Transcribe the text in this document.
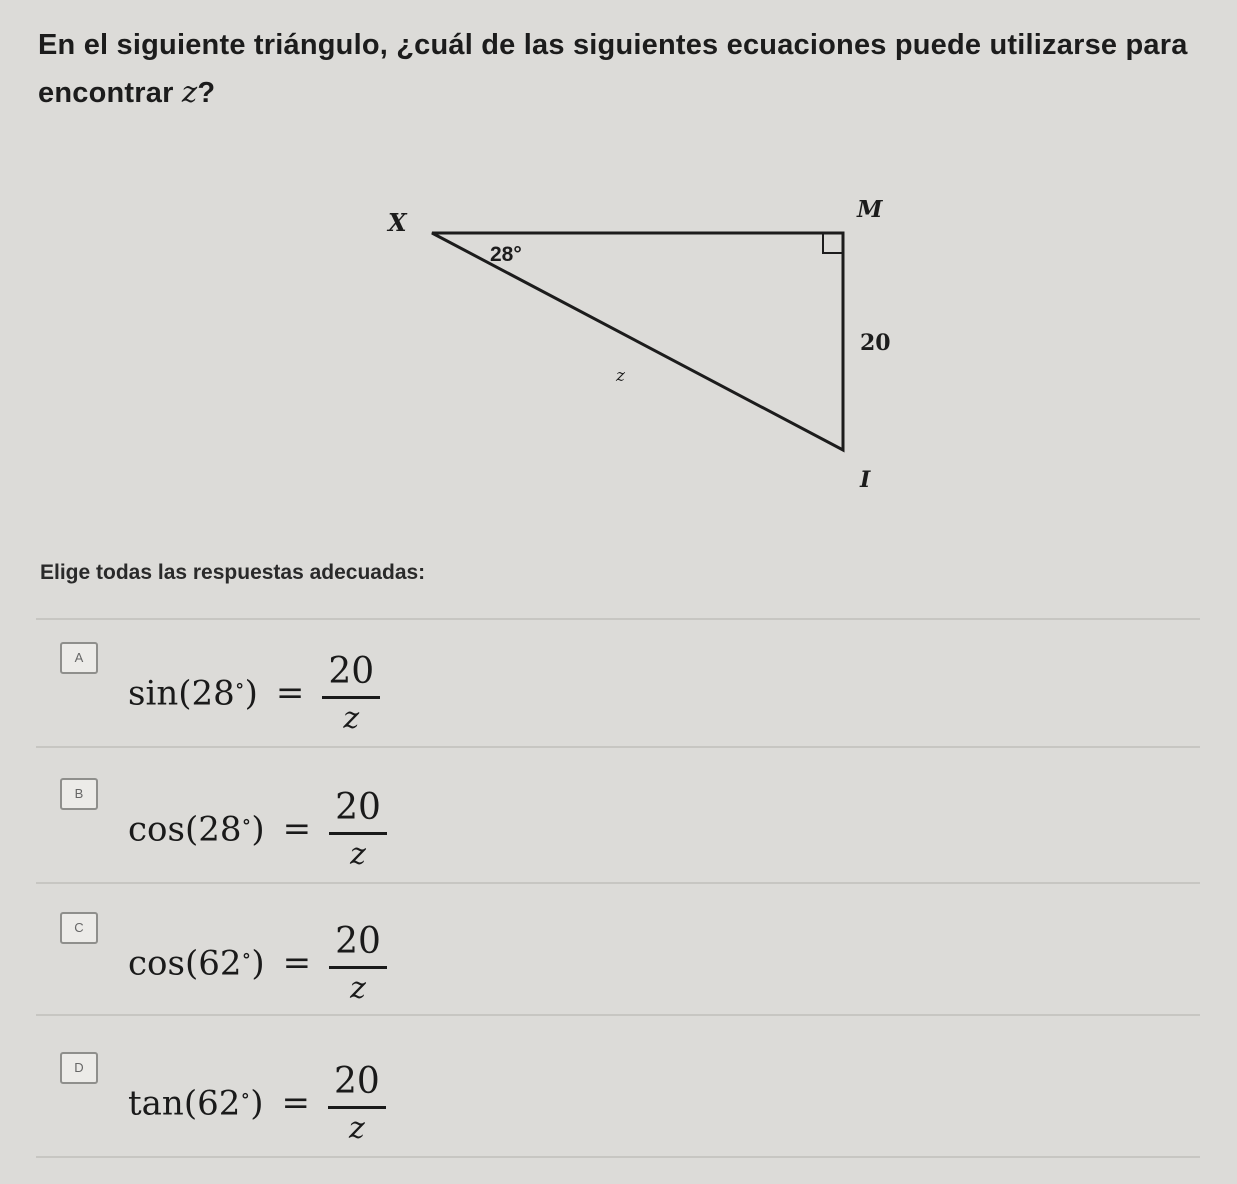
En el siguiente triángulo, ¿cuál de las siguientes ecuaciones puede utilizarse para encontrar z?
X	M
I
28°
20
z
Elige todas las respuestas adecuadas:
A
$\sin(28^\circ) = \frac{20}{z}$
B
$\cos(28^\circ) = \frac{20}{z}$
C
$\cos(62^\circ) = \frac{20}{z}$
D
$\tan(62^\circ) = \frac{20}{z}$
